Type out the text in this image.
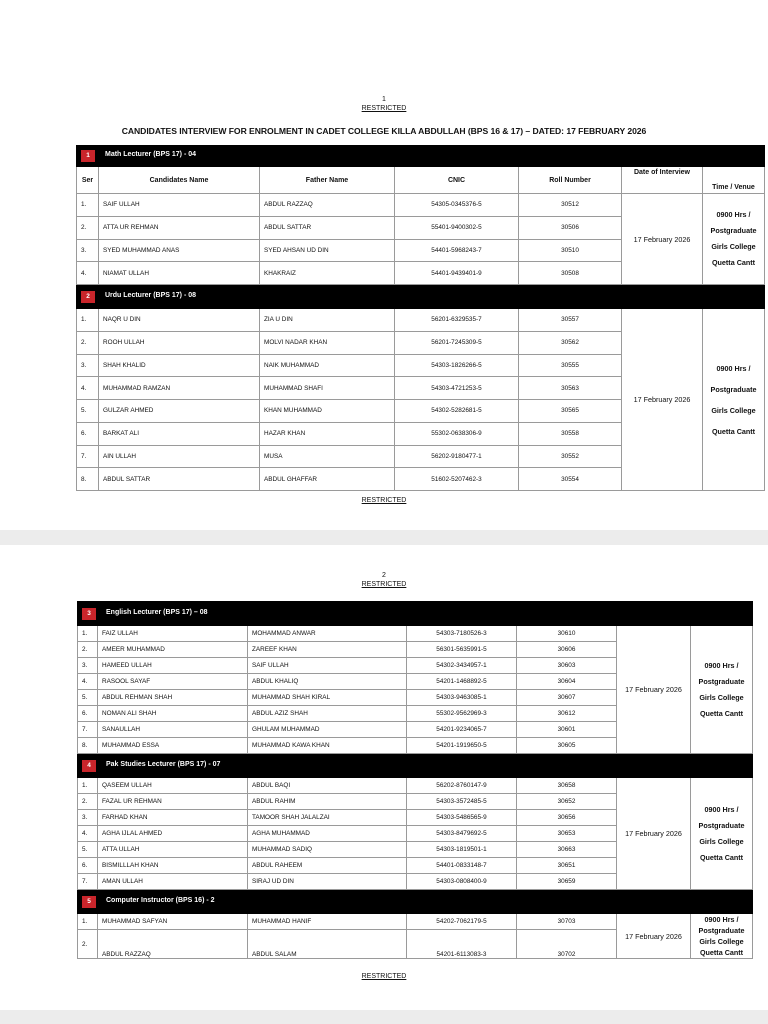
1
RESTRICTED
CANDIDATES INTERVIEW FOR ENROLMENT IN CADET COLLEGE KILLA ABDULLAH (BPS 16 & 17) – DATED: 17 FEBRUARY 2026
1 Math Lecturer (BPS 17) - 04						
Ser	Candidates Name	Father Name	CNIC	Roll Number	Date of Interview	Time / Venue
1.	SAIF ULLAH	ABDUL RAZZAQ	54305-0345376-5	30512	17 February 2026	0900 Hrs /
Postgraduate
Girls College
Quetta Cantt
2.	ATTA UR REHMAN	ABDUL SATTAR	55401-9400302-5	30506		
3.	SYED MUHAMMAD ANAS	SYED AHSAN UD DIN	54401-5968243-7	30510		
4.	NIAMAT ULLAH	KHAKRAIZ	54401-9439401-9	30508		
2 Urdu Lecturer (BPS 17) - 08						
1.	NAQR U DIN	ZIA U DIN	56201-6329535-7	30557	17 February 2026	0900 Hrs /
Postgraduate
Girls College
Quetta Cantt
2.	ROOH ULLAH	MOLVI NADAR KHAN	56201-7245309-5	30562		
3.	SHAH KHALID	NAIK MUHAMMAD	54303-1826266-5	30555		
4.	MUHAMMAD RAMZAN	MUHAMMAD SHAFI	54303-4721253-5	30563		
5.	GULZAR AHMED	KHAN MUHAMMAD	54302-5282681-5	30565		
6.	BARKAT ALI	HAZAR KHAN	55302-0638306-9	30558		
7.	AIN ULLAH	MUSA	56202-9180477-1	30552		
8.	ABDUL SATTAR	ABDUL GHAFFAR	51602-5207462-3	30554		
RESTRICTED
2
RESTRICTED
3 English Lecturer (BPS 17) – 08						
1.	FAIZ ULLAH	MOHAMMAD ANWAR	54303-7180526-3	30610	17 February 2026	0900 Hrs /
Postgraduate
Girls College
Quetta Cantt
2.	AMEER MUHAMMAD	ZAREEF KHAN	56301-5635991-5	30606		
3.	HAMEED ULLAH	SAIF ULLAH	54302-3434957-1	30603		
4.	RASOOL SAYAF	ABDUL KHALIQ	54201-1468892-5	30604		
5.	ABDUL REHMAN SHAH	MUHAMMAD SHAH KIRAL	54303-9463085-1	30607		
6.	NOMAN ALI SHAH	ABDUL AZIZ SHAH	55302-9562969-3	30612		
7.	SANAULLAH	GHULAM MUHAMMAD	54201-9234065-7	30601		
8.	MUHAMMAD ESSA	MUHAMMAD KAWA KHAN	54201-1919650-5	30605		
4 Pak Studies Lecturer (BPS 17) - 07						
1.	QASEEM ULLAH	ABDUL BAQI	56202-8760147-9	30658	17 February 2026	0900 Hrs /
Postgraduate
Girls College
Quetta Cantt
2.	FAZAL UR REHMAN	ABDUL RAHIM	54303-3572485-5	30652		
3.	FARHAD KHAN	TAMOOR SHAH JALALZAI	54303-5486565-9	30656		
4.	AGHA IJLAL AHMED	AGHA MUHAMMAD	54303-8479692-5	30653		
5.	ATTA ULLAH	MUHAMMAD SADIQ	54303-1819501-1	30663		
6.	BISMILLLAH KHAN	ABDUL RAHEEM	54401-0833148-7	30651		
7.	AMAN ULLAH	SIRAJ UD DIN	54303-0808400-9	30659		
5 Computer Instructor (BPS 16) - 2						
1.	MUHAMMAD SAFYAN	MUHAMMAD HANIF	54202-7062179-5	30703	17 February 2026	0900 Hrs /
Postgraduate
Girls College
Quetta Cantt
2.	ABDUL RAZZAQ	ABDUL SALAM	54201-6113083-3	30702		
RESTRICTED
